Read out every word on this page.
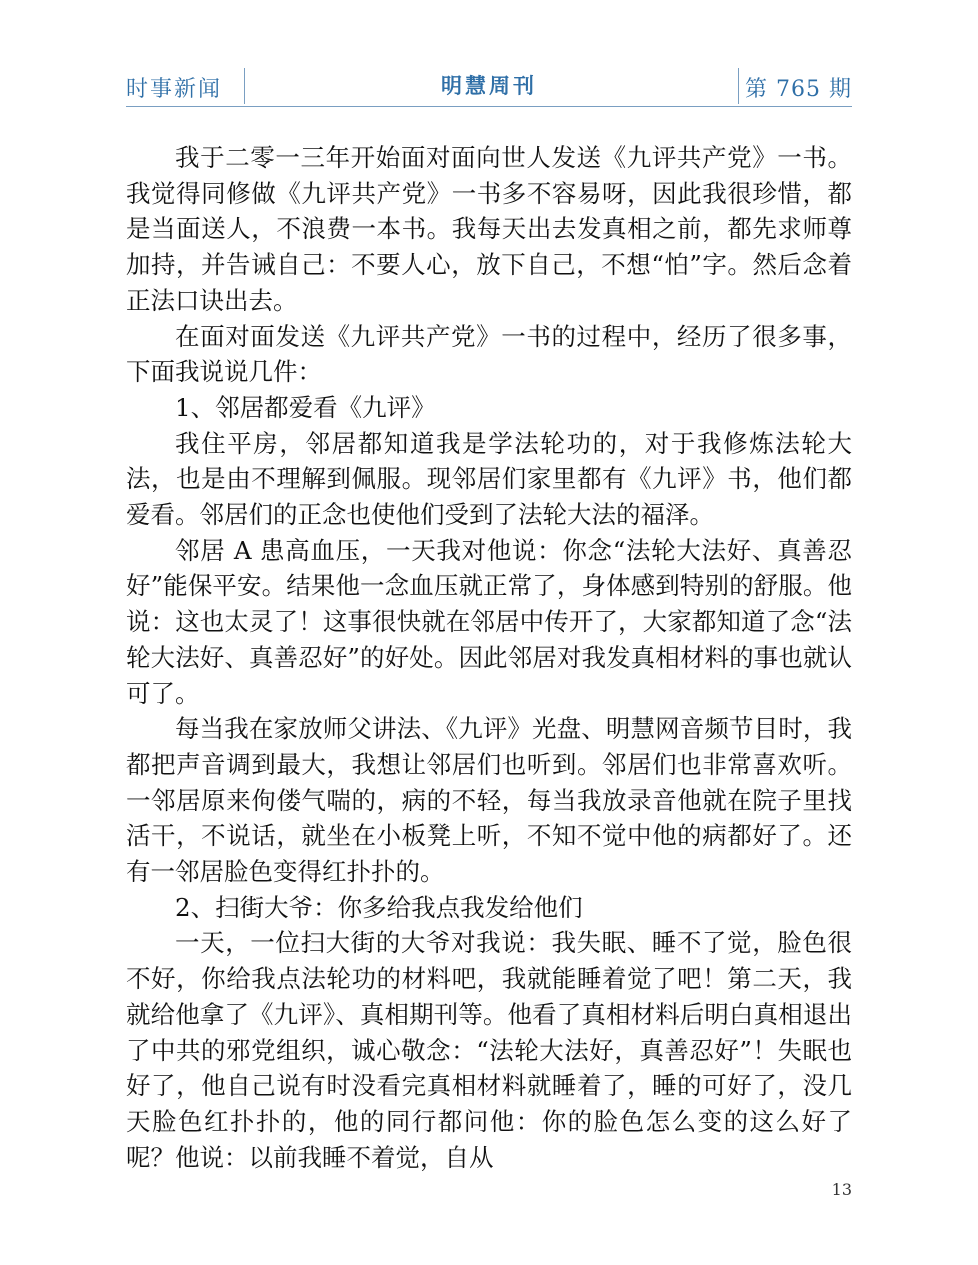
时事新闻	明慧周刊	第 765 期

我于二零一三年开始面对面向世人发送《九评共产党》一书。我觉得同修做《九评共产党》一书多不容易呀，因此我很珍惜，都是当面送人，不浪费一本书。我每天出去发真相之前，都先求师尊加持，并告诫自己：不要人心，放下自己，不想“怕”字。然后念着正法口诀出去。

在面对面发送《九评共产党》一书的过程中，经历了很多事，下面我说说几件：

1、邻居都爱看《九评》

我住平房，邻居都知道我是学法轮功的，对于我修炼法轮大法，也是由不理解到佩服。现邻居们家里都有《九评》书，他们都爱看。邻居们的正念也使他们受到了法轮大法的福泽。

邻居 A 患高血压，一天我对他说：你念“法轮大法好、真善忍好”能保平安。结果他一念血压就正常了，身体感到特别的舒服。他说：这也太灵了！这事很快就在邻居中传开了，大家都知道了念“法轮大法好、真善忍好”的好处。因此邻居对我发真相材料的事也就认可了。

每当我在家放师父讲法、《九评》光盘、明慧网音频节目时，我都把声音调到最大，我想让邻居们也听到。邻居们也非常喜欢听。一邻居原来佝偻气喘的，病的不轻，每当我放录音他就在院子里找活干，不说话，就坐在小板凳上听，不知不觉中他的病都好了。还有一邻居脸色变得红扑扑的。

2、扫街大爷：你多给我点我发给他们

一天，一位扫大街的大爷对我说：我失眠、睡不了觉，脸色很不好，你给我点法轮功的材料吧，我就能睡着觉了吧！第二天，我就给他拿了《九评》、真相期刊等。他看了真相材料后明白真相退出了中共的邪党组织，诚心敬念：“法轮大法好，真善忍好”！失眠也好了，他自己说有时没看完真相材料就睡着了，睡的可好了，没几天脸色红扑扑的，他的同行都问他：你的脸色怎么变的这么好了呢？他说：以前我睡不着觉，自从

13
